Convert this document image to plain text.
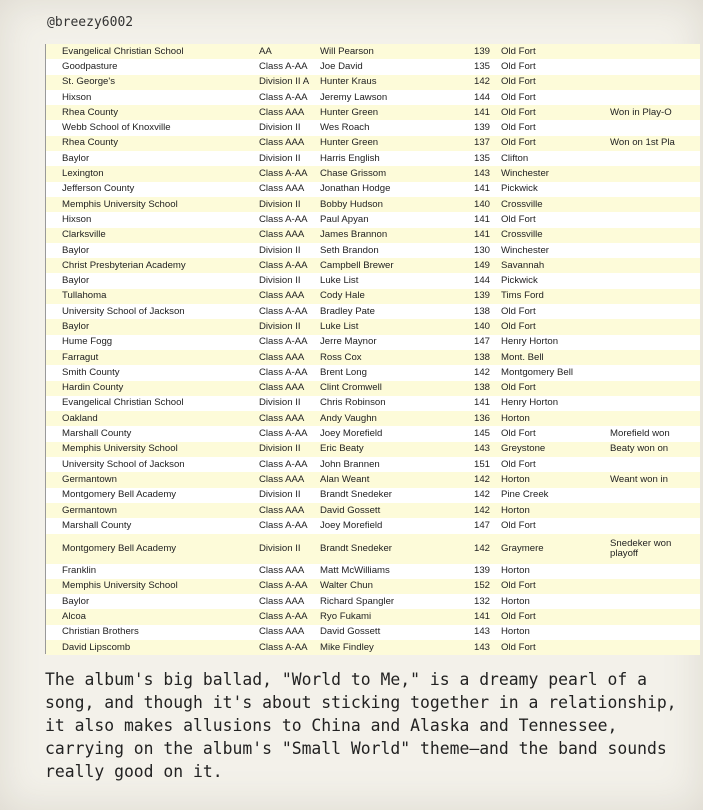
@breezy6002
	Evangelical Christian School	AA	Will Pearson	139	Old Fort	
	Goodpasture	Class A-AA	Joe David	135	Old Fort	
	St. George's	Division II A	Hunter Kraus	142	Old Fort	
	Hixson	Class A-AA	Jeremy Lawson	144	Old Fort	
	Rhea County	Class AAA	Hunter Green	141	Old Fort	Won in Play-O
	Webb School of Knoxville	Division II	Wes Roach	139	Old Fort	
	Rhea County	Class AAA	Hunter Green	137	Old Fort	Won on 1st Pla
	Baylor	Division II	Harris English	135	Clifton	
	Lexington	Class A-AA	Chase Grissom	143	Winchester	
	Jefferson County	Class AAA	Jonathan Hodge	141	Pickwick	
	Memphis University School	Division II	Bobby Hudson	140	Crossville	
	Hixson	Class A-AA	Paul Apyan	141	Old Fort	
	Clarksville	Class AAA	James Brannon	141	Crossville	
	Baylor	Division II	Seth Brandon	130	Winchester	
	Christ Presbyterian Academy	Class A-AA	Campbell Brewer	149	Savannah	
	Baylor	Division II	Luke List	144	Pickwick	
	Tullahoma	Class AAA	Cody Hale	139	Tims Ford	
	University School of Jackson	Class A-AA	Bradley Pate	138	Old Fort	
	Baylor	Division II	Luke List	140	Old Fort	
	Hume Fogg	Class A-AA	Jerre Maynor	147	Henry Horton	
	Farragut	Class AAA	Ross Cox	138	Mont. Bell	
	Smith County	Class A-AA	Brent Long	142	Montgomery Bell	
	Hardin County	Class AAA	Clint Cromwell	138	Old Fort	
	Evangelical Christian School	Division II	Chris Robinson	141	Henry Horton	
	Oakland	Class AAA	Andy Vaughn	136	Horton	
	Marshall County	Class A-AA	Joey Morefield	145	Old Fort	Morefield won
	Memphis University School	Division II	Eric Beaty	143	Greystone	Beaty won on
	University School of Jackson	Class A-AA	John Brannen	151	Old Fort	
	Germantown	Class AAA	Alan Weant	142	Horton	Weant won in
	Montgomery Bell Academy	Division II	Brandt Snedeker	142	Pine Creek	
	Germantown	Class AAA	David Gossett	142	Horton	
	Marshall County	Class A-AA	Joey Morefield	147	Old Fort	
	Montgomery Bell Academy	Division II	Brandt Snedeker	142	Graymere	Snedeker won playoff
	Franklin	Class AAA	Matt McWilliams	139	Horton	
	Memphis University School	Class A-AA	Walter Chun	152	Old Fort	
	Baylor	Class AAA	Richard Spangler	132	Horton	
	Alcoa	Class A-AA	Ryo Fukami	141	Old Fort	
	Christian Brothers	Class AAA	David Gossett	143	Horton	
	David Lipscomb	Class A-AA	Mike Findley	143	Old Fort	
The album's big ballad, "World to Me," is a dreamy pearl of a song, and though it's about sticking together in a relationship, it also makes allusions to China and Alaska and Tennessee, carrying on the album's "Small World" theme—and the band sounds really good on it.
